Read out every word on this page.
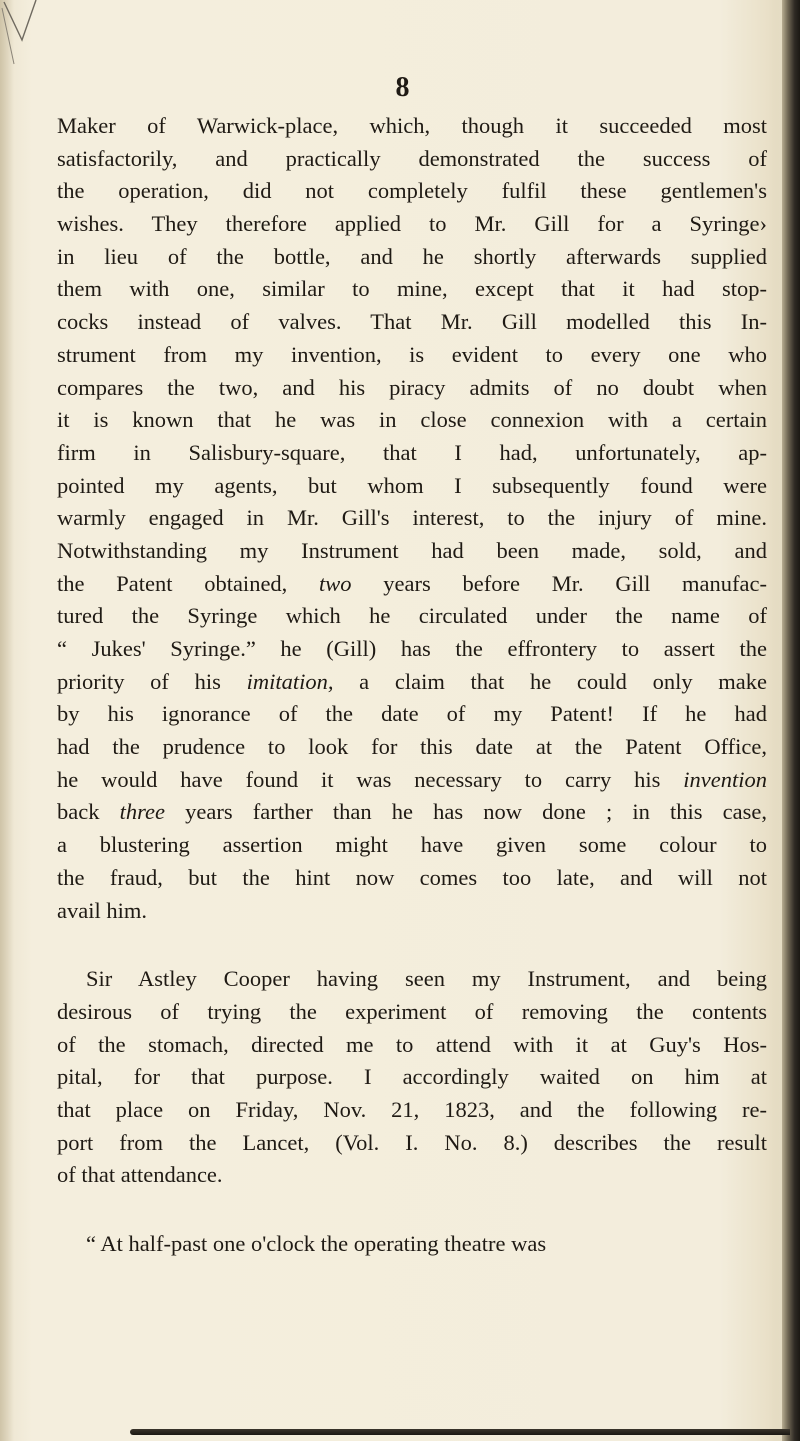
8
Maker of Warwick-place, which, though it succeeded most
satisfactorily, and practically demonstrated the success of
the operation, did not completely fulfil these gentlemen's
wishes. They therefore applied to Mr. Gill for a Syringe›
in lieu of the bottle, and he shortly afterwards supplied
them with one, similar to mine, except that it had stop-
cocks instead of valves. That Mr. Gill modelled this In-
strument from my invention, is evident to every one who
compares the two, and his piracy admits of no doubt when
it is known that he was in close connexion with a certain
firm in Salisbury-square, that I had, unfortunately, ap-
pointed my agents, but whom I subsequently found were
warmly engaged in Mr. Gill's interest, to the injury of mine.
Notwithstanding my Instrument had been made, sold, and
the Patent obtained, two years before Mr. Gill manufac-
tured the Syringe which he circulated under the name of
“ Jukes' Syringe.” he (Gill) has the effrontery to assert the
priority of his imitation, a claim that he could only make
by his ignorance of the date of my Patent! If he had
had the prudence to look for this date at the Patent Office,
he would have found it was necessary to carry his invention
back three years farther than he has now done ; in this case,
a blustering assertion might have given some colour to
the fraud, but the hint now comes too late, and will not
avail him.
Sir Astley Cooper having seen my Instrument, and being
desirous of trying the experiment of removing the contents
of the stomach, directed me to attend with it at Guy's Hos-
pital, for that purpose. I accordingly waited on him at
that place on Friday, Nov. 21, 1823, and the following re-
port from the Lancet, (Vol. I. No. 8.) describes the result
of that attendance.
“ At half-past one o'clock the operating theatre was
